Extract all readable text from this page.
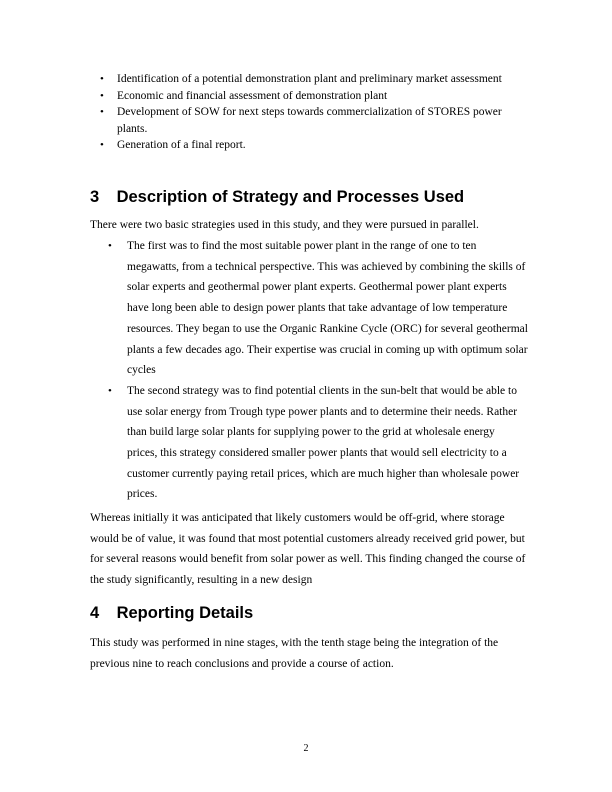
• Identification of a potential demonstration plant and preliminary market assessment
• Economic and financial assessment of demonstration plant
• Development of SOW for next steps towards commercialization of STORES power plants.
• Generation of a final report.
3 Description of Strategy and Processes Used

There were two basic strategies used in this study, and they were pursued in parallel.

• The first was to find the most suitable power plant in the range of one to ten megawatts, from a technical perspective. This was achieved by combining the skills of solar experts and geothermal power plant experts. Geothermal power plant experts have long been able to design power plants that take advantage of low temperature resources. They began to use the Organic Rankine Cycle (ORC) for several geothermal plants a few decades ago. Their expertise was crucial in coming up with optimum solar cycles
• The second strategy was to find potential clients in the sun-belt that would be able to use solar energy from Trough type power plants and to determine their needs. Rather than build large solar plants for supplying power to the grid at wholesale energy prices, this strategy considered smaller power plants that would sell electricity to a customer currently paying retail prices, which are much higher than wholesale power prices.

Whereas initially it was anticipated that likely customers would be off-grid, where storage would be of value, it was found that most potential customers already received grid power, but for several reasons would benefit from solar power as well. This finding changed the course of the study significantly, resulting in a new design

4 Reporting Details

This study was performed in nine stages, with the tenth stage being the integration of the previous nine to reach conclusions and provide a course of action.

2
